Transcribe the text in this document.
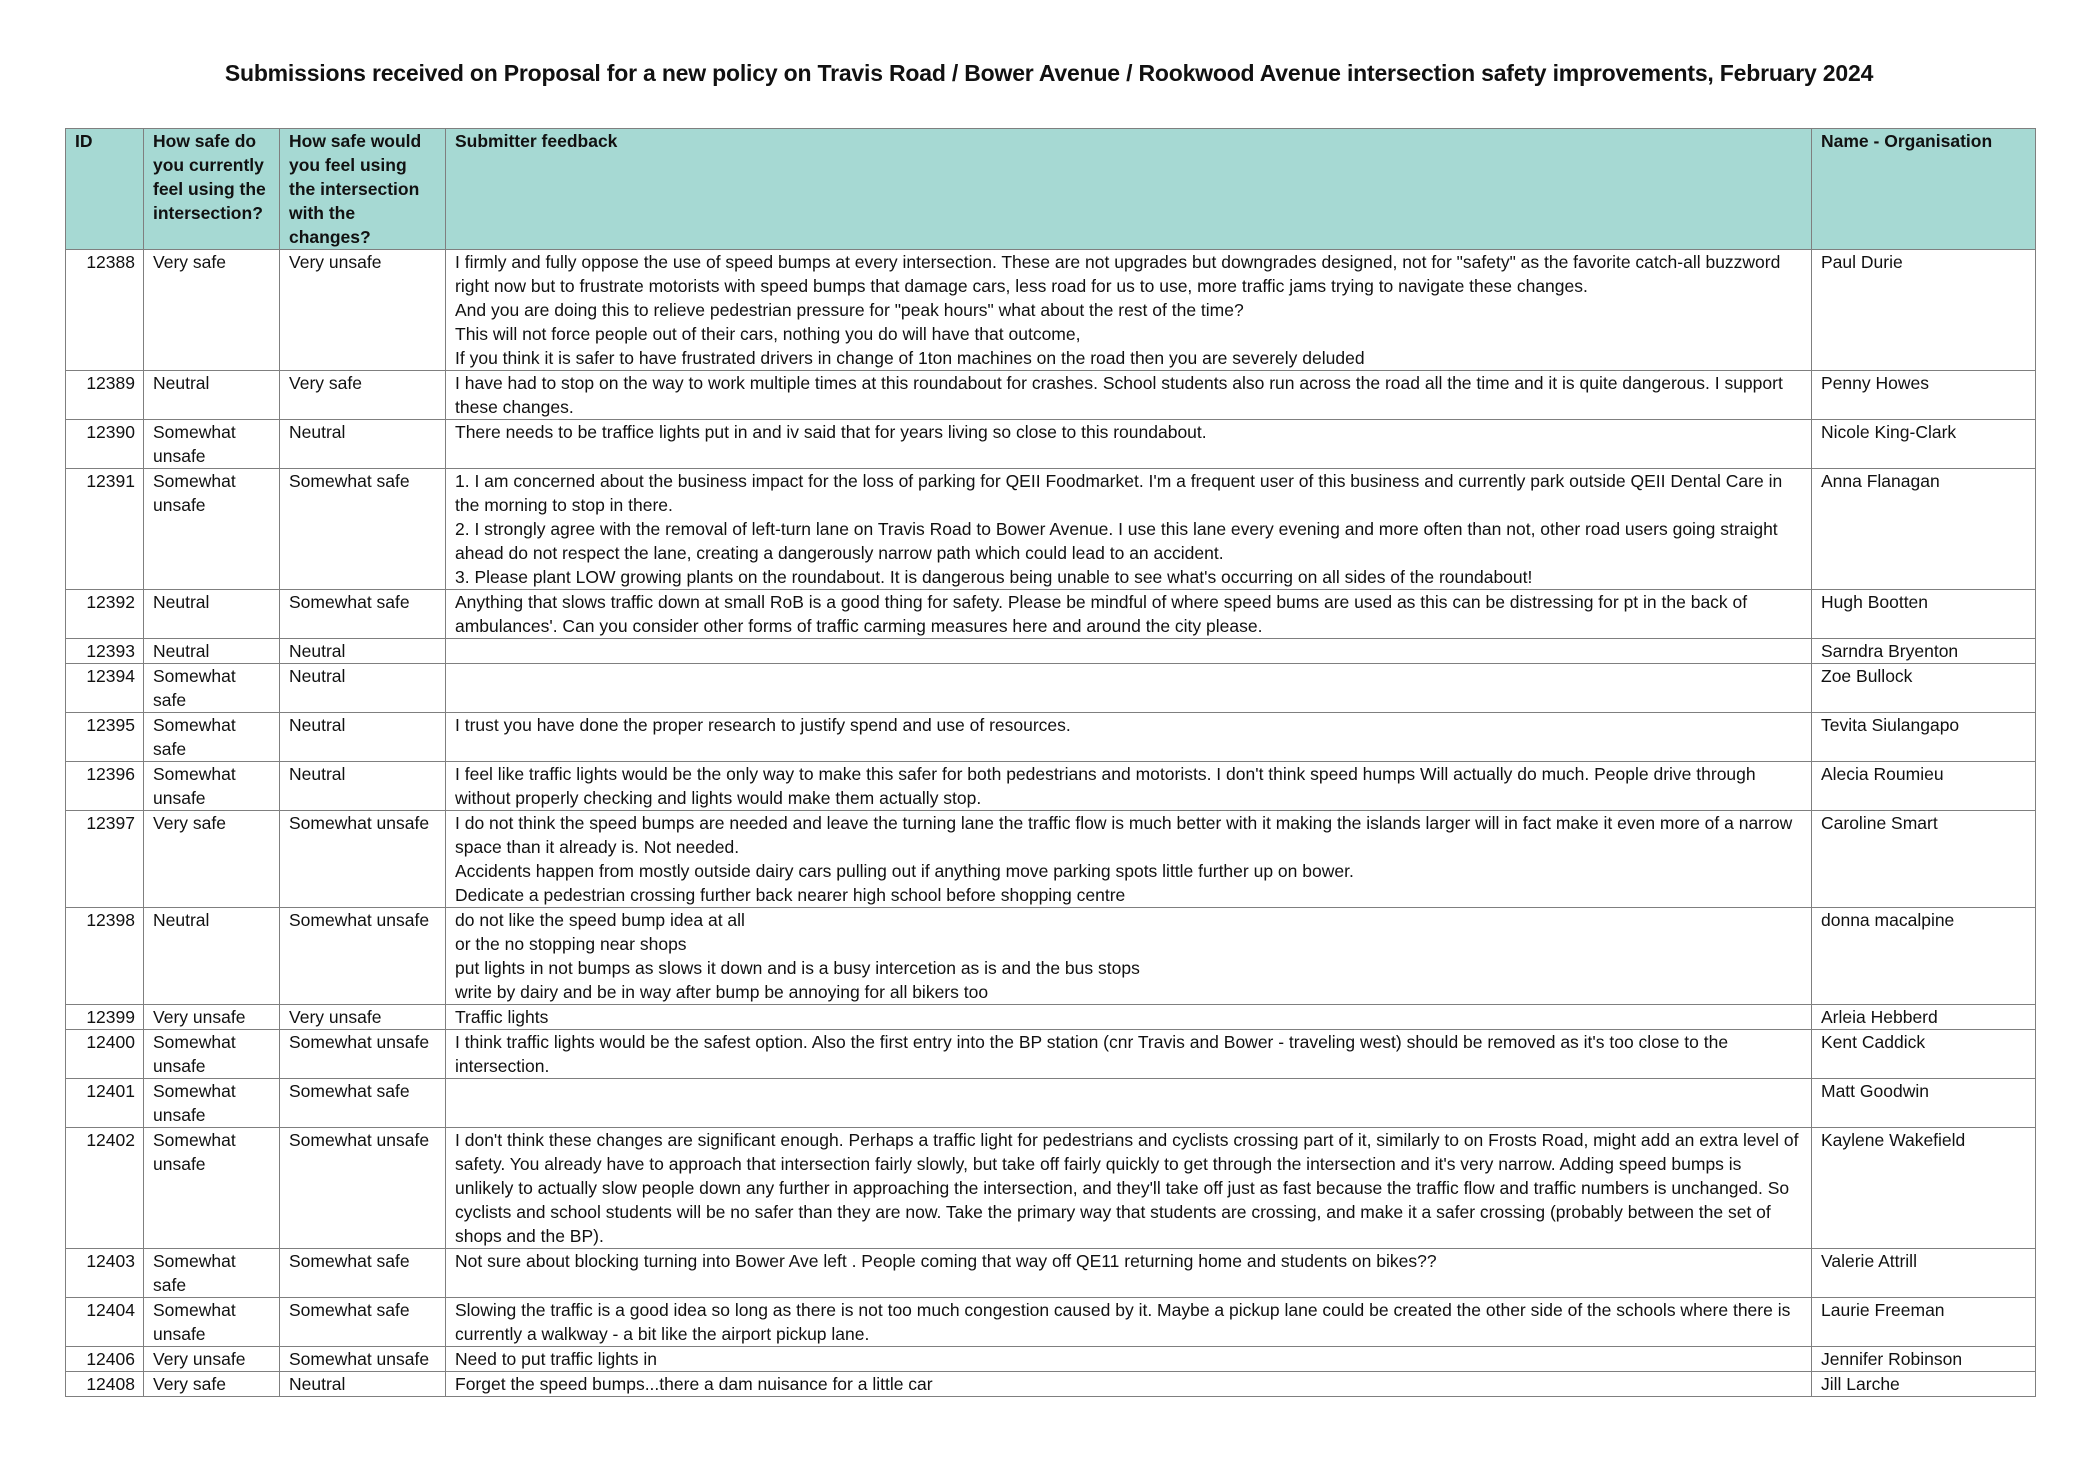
Submissions received on Proposal for a new policy on Travis Road / Bower Avenue / Rookwood Avenue intersection safety improvements, February 2024
ID	How safe do you currently feel using the intersection?	How safe would you feel using the intersection with the changes?	Submitter feedback	Name - Organisation
12388	Very safe	Very unsafe	I firmly and fully oppose the use of speed bumps at every intersection. These are not upgrades but downgrades designed, not for "safety" as the favorite catch-all buzzword right now but to frustrate motorists with speed bumps that damage cars, less road for us to use, more traffic jams trying to navigate these changes.
And you are doing this to relieve pedestrian pressure for "peak hours" what about the rest of the time?
This will not force people out of their cars, nothing you do will have that outcome,
If you think it is safer to have frustrated drivers in change of 1ton machines on the road then you are severely deluded	Paul Durie
12389	Neutral	Very safe	I have had to stop on the way to work multiple times at this roundabout for crashes. School students also run across the road all the time and it is quite dangerous. I support these changes.	Penny Howes
12390	Somewhat unsafe	Neutral	There needs to be traffice lights put in and iv said that for years living so close to this roundabout.	Nicole King-Clark
12391	Somewhat unsafe	Somewhat safe	1. I am concerned about the business impact for the loss of parking for QEII Foodmarket. I'm a frequent user of this business and currently park outside QEII Dental Care in the morning to stop in there.
2. I strongly agree with the removal of left-turn lane on Travis Road to Bower Avenue. I use this lane every evening and more often than not, other road users going straight ahead do not respect the lane, creating a dangerously narrow path which could lead to an accident.
3. Please plant LOW growing plants on the roundabout. It is dangerous being unable to see what's occurring on all sides of the roundabout!	Anna Flanagan
12392	Neutral	Somewhat safe	Anything that slows traffic down at small RoB is a good thing for safety. Please be mindful of where speed bums are used as this can be distressing for pt in the back of ambulances'. Can you consider other forms of traffic carming measures here and around the city please.	Hugh Bootten
12393	Neutral	Neutral		Sarndra Bryenton
12394	Somewhat safe	Neutral		Zoe Bullock
12395	Somewhat safe	Neutral	I trust you have done the proper research to justify spend and use of resources.	Tevita Siulangapo
12396	Somewhat unsafe	Neutral	I feel like traffic lights would be the only way to make this safer for both pedestrians and motorists. I don't think speed humps Will actually do much. People drive through without properly checking and lights would make them actually stop.	Alecia Roumieu
12397	Very safe	Somewhat unsafe	I do not think the speed bumps are needed and leave the turning lane the traffic flow is much better with it making the islands larger will in fact make it even more of a narrow space than it already is. Not needed.
Accidents happen from mostly outside dairy cars pulling out if anything move parking spots little further up on bower.
Dedicate a pedestrian crossing further back nearer high school before shopping centre	Caroline Smart
12398	Neutral	Somewhat unsafe	do not like the speed bump idea at all
or the no stopping near shops
put lights in not bumps as slows it down and is a busy intercetion as is and the bus stops
write by dairy and be in way after bump be annoying for all bikers too	donna macalpine
12399	Very unsafe	Very unsafe	Traffic lights	Arleia Hebberd
12400	Somewhat unsafe	Somewhat unsafe	I think traffic lights would be the safest option. Also the first entry into the BP station (cnr Travis and Bower - traveling west) should be removed as it's too close to the intersection.	Kent Caddick
12401	Somewhat unsafe	Somewhat safe		Matt Goodwin
12402	Somewhat unsafe	Somewhat unsafe	I don't think these changes are significant enough. Perhaps a traffic light for pedestrians and cyclists crossing part of it, similarly to on Frosts Road, might add an extra level of safety. You already have to approach that intersection fairly slowly, but take off fairly quickly to get through the intersection and it's very narrow. Adding speed bumps is unlikely to actually slow people down any further in approaching the intersection, and they'll take off just as fast because the traffic flow and traffic numbers is unchanged. So cyclists and school students will be no safer than they are now. Take the primary way that students are crossing, and make it a safer crossing (probably between the set of shops and the BP).	Kaylene Wakefield
12403	Somewhat safe	Somewhat safe	Not sure about blocking turning into Bower Ave left . People coming that way off QE11 returning home and students on bikes??	Valerie Attrill
12404	Somewhat unsafe	Somewhat safe	Slowing the traffic is a good idea so long as there is not too much congestion caused by it. Maybe a pickup lane could be created the other side of the schools where there is currently a walkway - a bit like the airport pickup lane.	Laurie Freeman
12406	Very unsafe	Somewhat unsafe	Need to put traffic lights in	Jennifer Robinson
12408	Very safe	Neutral	Forget the speed bumps...there a dam nuisance for a little car	Jill Larche
